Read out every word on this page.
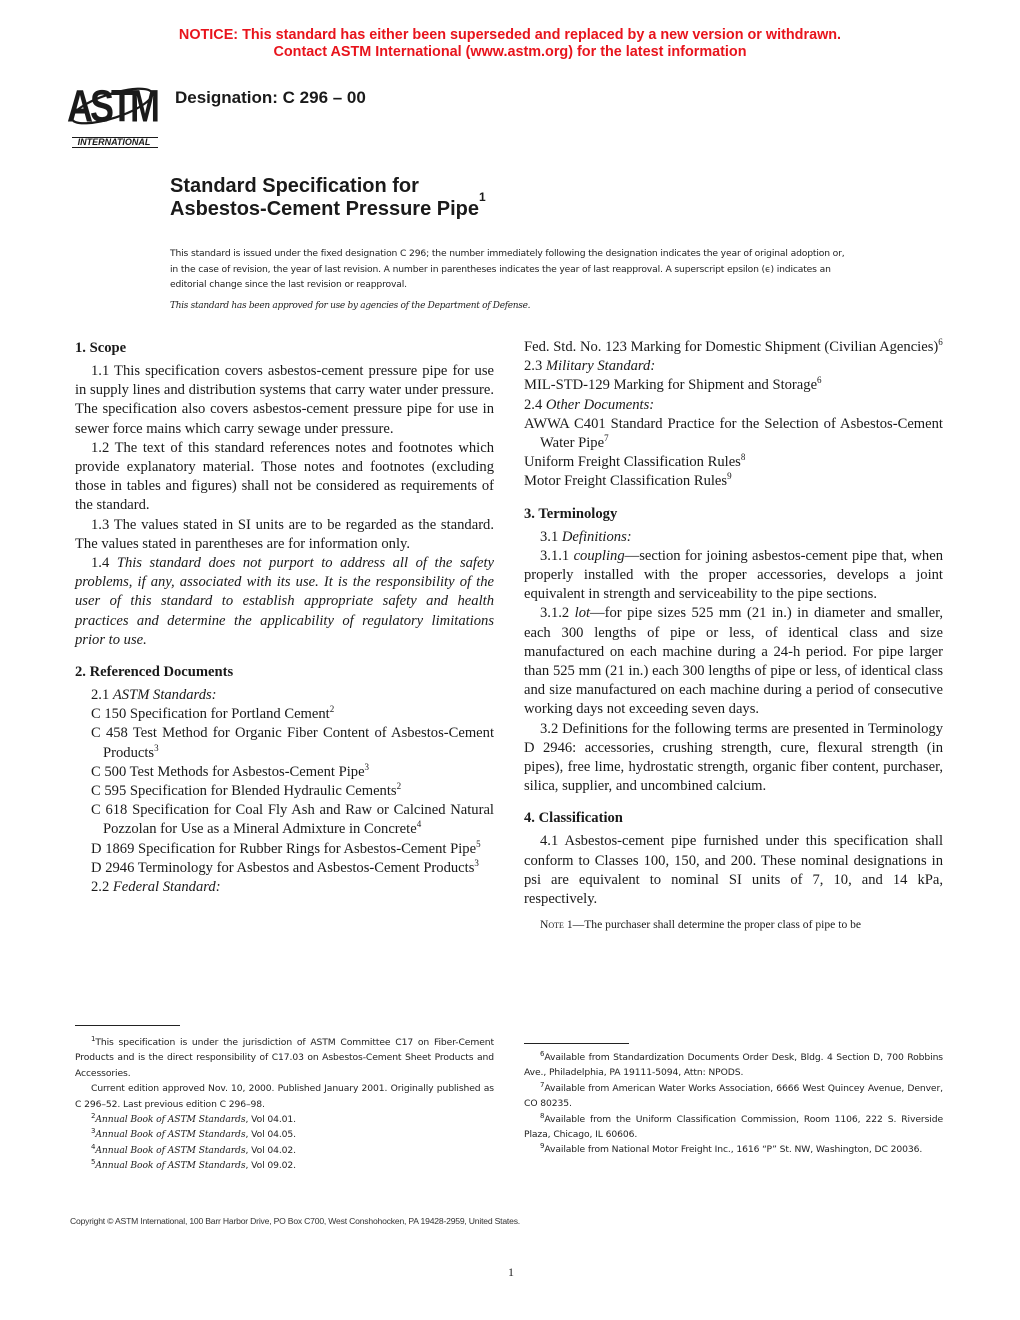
NOTICE: This standard has either been superseded and replaced by a new version or withdrawn.
Contact ASTM International (www.astm.org) for the latest information
ASTM
INTERNATIONAL
Designation: C 296 – 00
Standard Specification for
Asbestos-Cement Pressure Pipe$^1$
This standard is issued under the fixed designation C 296; the number immediately following the designation indicates the year of original adoption or, in the case of revision, the year of last revision. A number in parentheses indicates the year of last reapproval. A superscript epsilon (ϵ) indicates an editorial change since the last revision or reapproval.
This standard has been approved for use by agencies of the Department of Defense.
1. Scope
1.1 This specification covers asbestos-cement pressure pipe for use in supply lines and distribution systems that carry water under pressure. The specification also covers asbestos-cement pressure pipe for use in sewer force mains which carry sewage under pressure.
1.2 The text of this standard references notes and footnotes which provide explanatory material. Those notes and footnotes (excluding those in tables and figures) shall not be considered as requirements of the standard.
1.3 The values stated in SI units are to be regarded as the standard. The values stated in parentheses are for information only.
1.4 This standard does not purport to address all of the safety problems, if any, associated with its use. It is the responsibility of the user of this standard to establish appropriate safety and health practices and determine the applicability of regulatory limitations prior to use.
2. Referenced Documents
2.1 ASTM Standards:
C 150 Specification for Portland Cement$^2$
C 458 Test Method for Organic Fiber Content of Asbestos-Cement Products$^3$
C 500 Test Methods for Asbestos-Cement Pipe$^3$
C 595 Specification for Blended Hydraulic Cements$^2$
C 618 Specification for Coal Fly Ash and Raw or Calcined Natural Pozzolan for Use as a Mineral Admixture in Concrete$^4$
D 1869 Specification for Rubber Rings for Asbestos-Cement Pipe$^5$
D 2946 Terminology for Asbestos and Asbestos-Cement Products$^3$
2.2 Federal Standard:
Fed. Std. No. 123 Marking for Domestic Shipment (Civilian Agencies)$^6$
2.3 Military Standard:
MIL-STD-129 Marking for Shipment and Storage$^6$
2.4 Other Documents:
AWWA C401 Standard Practice for the Selection of Asbestos-Cement Water Pipe$^7$
Uniform Freight Classification Rules$^8$
Motor Freight Classification Rules$^9$
3. Terminology
3.1 Definitions:
3.1.1 coupling—section for joining asbestos-cement pipe that, when properly installed with the proper accessories, develops a joint equivalent in strength and serviceability to the pipe sections.
3.1.2 lot—for pipe sizes 525 mm (21 in.) in diameter and smaller, each 300 lengths of pipe or less, of identical class and size manufactured on each machine during a 24-h period. For pipe larger than 525 mm (21 in.) each 300 lengths of pipe or less, of identical class and size manufactured on each machine during a period of consecutive working days not exceeding seven days.
3.2 Definitions for the following terms are presented in Terminology D 2946: accessories, crushing strength, cure, flexural strength (in pipes), free lime, hydrostatic strength, organic fiber content, purchaser, silica, supplier, and uncombined calcium.
4. Classification
4.1 Asbestos-cement pipe furnished under this specification shall conform to Classes 100, 150, and 200. These nominal designations in psi are equivalent to nominal SI units of 7, 10, and 14 kPa, respectively.
Note 1—The purchaser shall determine the proper class of pipe to be

$^1$This specification is under the jurisdiction of ASTM Committee C17 on Fiber-Cement Products and is the direct responsibility of C17.03 on Asbestos-Cement Sheet Products and Accessories.

Current edition approved Nov. 10, 2000. Published January 2001. Originally published as C 296–52. Last previous edition C 296–98.

$^2$Annual Book of ASTM Standards, Vol 04.01.

$^3$Annual Book of ASTM Standards, Vol 04.05.

$^4$Annual Book of ASTM Standards, Vol 04.02.

$^5$Annual Book of ASTM Standards, Vol 09.02.

$^6$Available from Standardization Documents Order Desk, Bldg. 4 Section D, 700 Robbins Ave., Philadelphia, PA 19111-5094, Attn: NPODS.

$^7$Available from American Water Works Association, 6666 West Quincey Avenue, Denver, CO 80235.

$^8$Available from the Uniform Classification Commission, Room 1106, 222 S. Riverside Plaza, Chicago, IL 60606.

$^9$Available from National Motor Freight Inc., 1616 “P” St. NW, Washington, DC 20036.

Copyright © ASTM International, 100 Barr Harbor Drive, PO Box C700, West Conshohocken, PA 19428-2959, United States.
1
